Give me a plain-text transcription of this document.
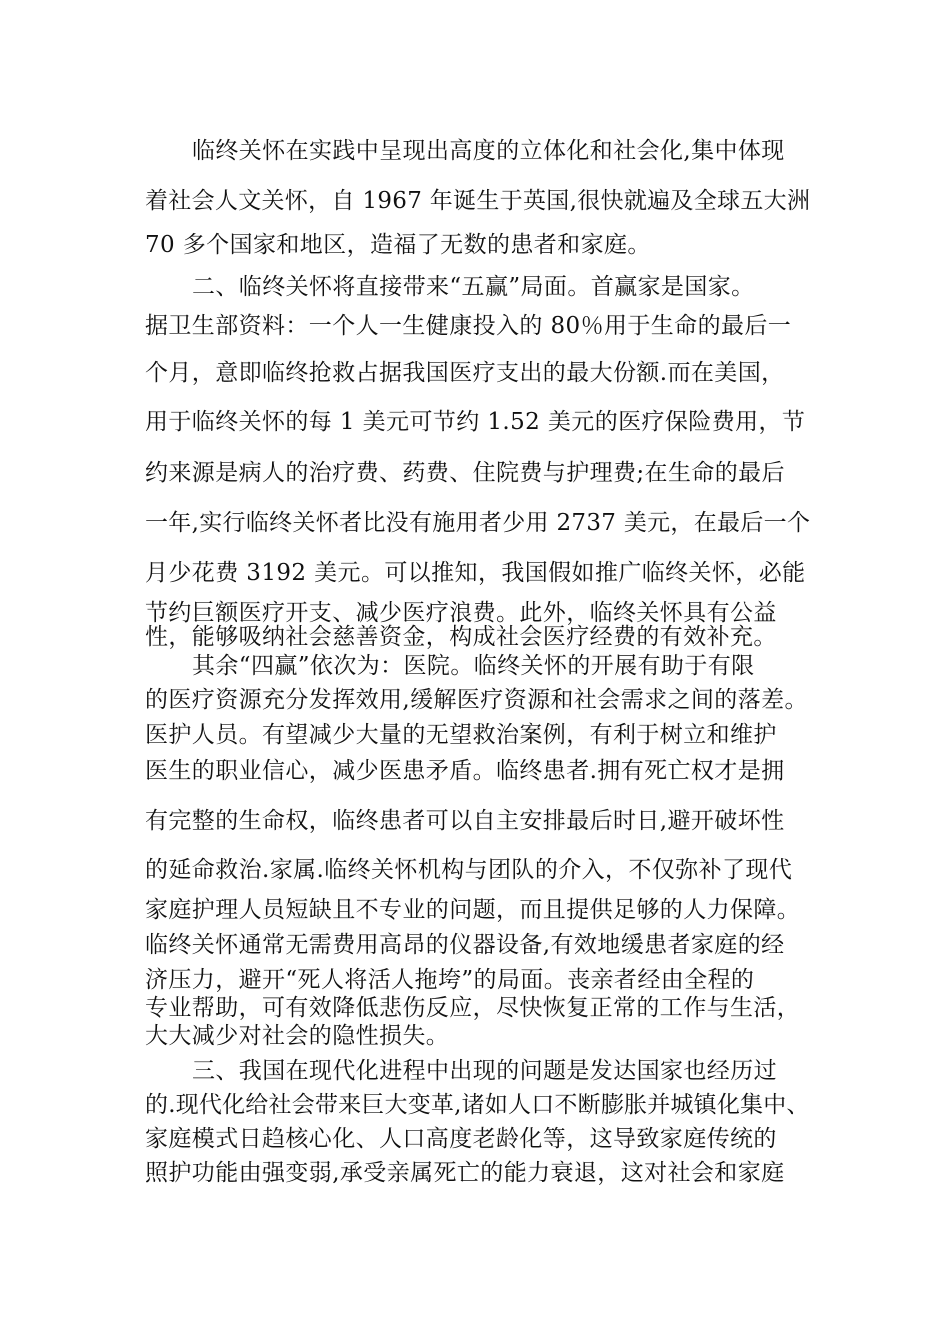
临终关怀在实践中呈现出高度的立体化和社会化,集中体现
着社会人文关怀，自 1967 年诞生于英国,很快就遍及全球五大洲
70 多个国家和地区，造福了无数的患者和家庭。
二、临终关怀将直接带来“五赢”局面。首赢家是国家。
据卫生部资料：一个人一生健康投入的 80％用于生命的最后一
个月，意即临终抢救占据我国医疗支出的最大份额.而在美国，
用于临终关怀的每 1 美元可节约 1.52 美元的医疗保险费用，节
约来源是病人的治疗费、药费、住院费与护理费;在生命的最后
一年,实行临终关怀者比没有施用者少用 2737 美元，在最后一个
月少花费 3192 美元。可以推知，我国假如推广临终关怀，必能
节约巨额医疗开支、减少医疗浪费。此外，临终关怀具有公益
性，能够吸纳社会慈善资金，构成社会医疗经费的有效补充。
其余“四赢”依次为：医院。临终关怀的开展有助于有限
的医疗资源充分发挥效用,缓解医疗资源和社会需求之间的落差。
医护人员。有望减少大量的无望救治案例，有利于树立和维护
医生的职业信心，减少医患矛盾。临终患者.拥有死亡权才是拥
有完整的生命权，临终患者可以自主安排最后时日,避开破坏性
的延命救治.家属.临终关怀机构与团队的介入，不仅弥补了现代
家庭护理人员短缺且不专业的问题，而且提供足够的人力保障。
临终关怀通常无需费用高昂的仪器设备,有效地缓患者家庭的经
济压力，避开“死人将活人拖垮”的局面。丧亲者经由全程的
专业帮助，可有效降低悲伤反应，尽快恢复正常的工作与生活，
大大减少对社会的隐性损失。
三、我国在现代化进程中出现的问题是发达国家也经历过
的.现代化给社会带来巨大变革,诸如人口不断膨胀并城镇化集中、
家庭模式日趋核心化、人口高度老龄化等，这导致家庭传统的
照护功能由强变弱,承受亲属死亡的能力衰退，这对社会和家庭
